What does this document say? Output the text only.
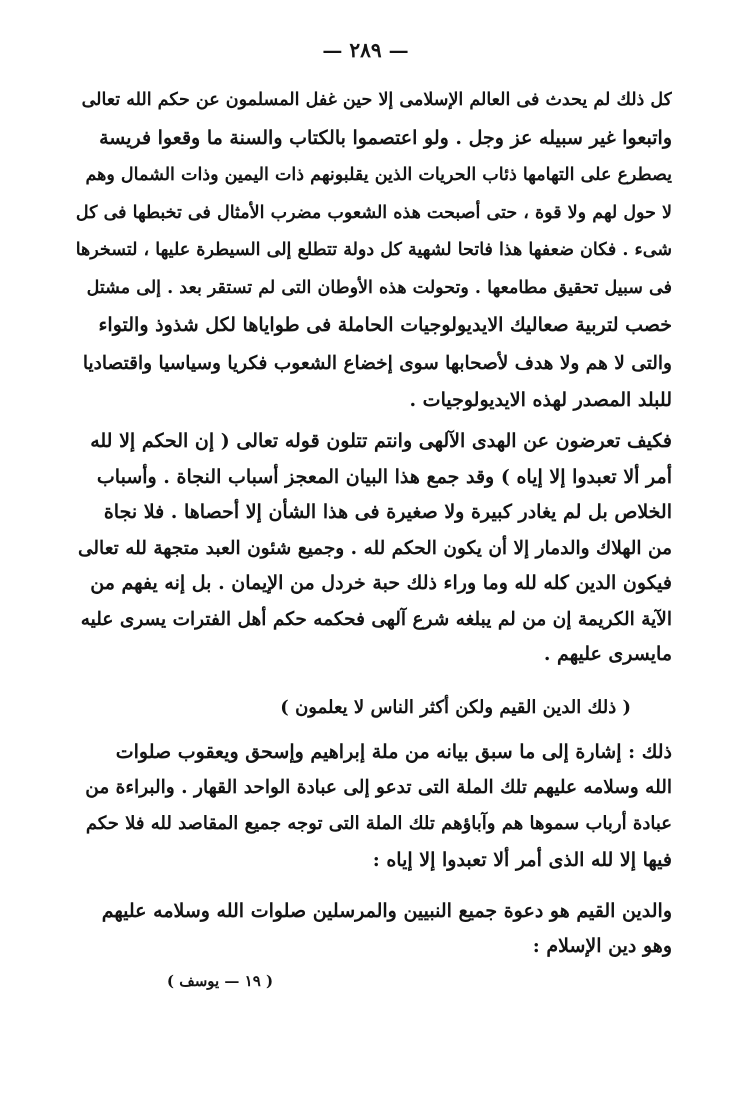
— ٢٨٩ —
كل ذلك لم يحدث فى العالم الإسلامى إلا حين غفل المسلمون عن حكم الله تعالى
واتبعوا غير سبيله عز وجل . ولو اعتصموا بالكتاب والسنة ما وقعوا فريسة
يصطرع على التهامها ذئاب الحريات الذين يقلبونهم ذات اليمين وذات الشمال وهم
لا حول لهم ولا قوة ، حتى أصبحت هذه الشعوب مضرب الأمثال فى تخبطها فى كل
شىء . فكان ضعفها هذا فاتحا لشهية كل دولة تتطلع إلى السيطرة عليها ، لتسخرها
فى سبيل تحقيق مطامعها . وتحولت هذه الأوطان التى لم تستقر بعد . إلى مشتل
خصب لتربية صعاليك الايديولوجيات الحاملة فى طواياها لكل شذوذ والتواء
والتى لا هم ولا هدف لأصحابها سوى إخضاع الشعوب فكريا وسياسيا واقتصاديا
للبلد المصدر لهذه الايديولوجيات .
فكيف تعرضون عن الهدى الآلهى وانتم تتلون قوله تعالى ( إن الحكم إلا لله
أمر ألا تعبدوا إلا إياه ) وقد جمع هذا البيان المعجز أسباب النجاة . وأسباب
الخلاص بل لم يغادر كبيرة ولا صغيرة فى هذا الشأن إلا أحصاها . فلا نجاة
من الهلاك والدمار إلا أن يكون الحكم لله . وجميع شئون العبد متجهة لله تعالى
فيكون الدين كله لله وما وراء ذلك حبة خردل من الإيمان . بل إنه يفهم من
الآية الكريمة إن من لم يبلغه شرع آلهى فحكمه حكم أهل الفترات يسرى عليه
مايسرى عليهم .
( ذلك الدين القيم ولكن أكثر الناس لا يعلمون )
ذلك : إشارة إلى ما سبق بيانه من ملة إبراهيم وإسحق ويعقوب صلوات
الله وسلامه عليهم تلك الملة التى تدعو إلى عبادة الواحد القهار . والبراءة من
عبادة أرباب سموها هم وآباؤهم تلك الملة التى توجه جميع المقاصد لله فلا حكم
فيها إلا لله الذى أمر ألا تعبدوا إلا إياه :
والدين القيم هو دعوة جميع النبيين والمرسلين صلوات الله وسلامه عليهم
وهو دين الإسلام :
( ١٩ — يوسف )
